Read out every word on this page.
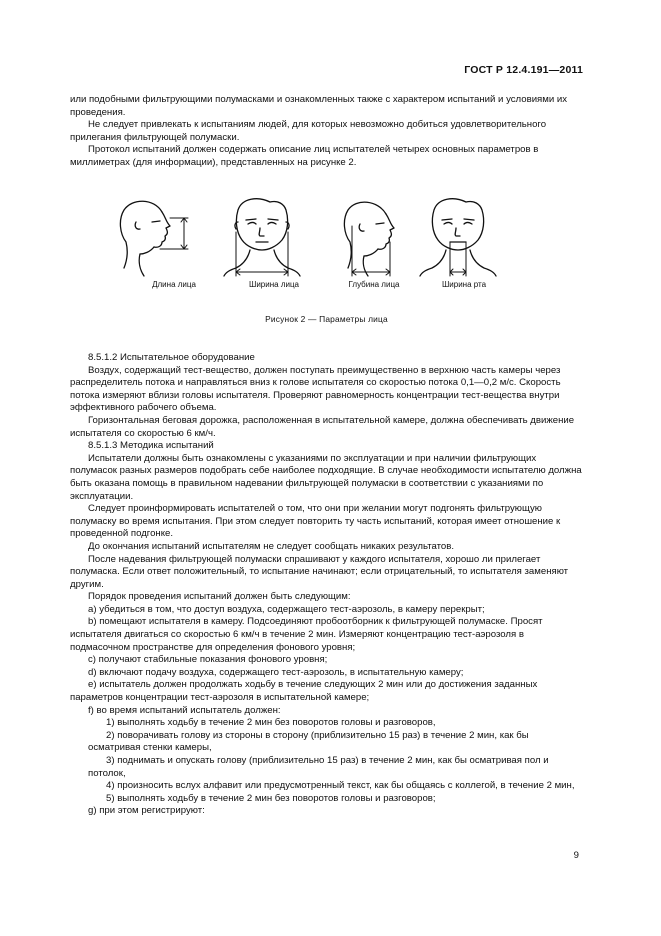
ГОСТ Р 12.4.191—2011

или подобными фильтрующими полумасками и ознакомленных также с характером испытаний и условиями их проведения.

Не следует привлекать к испытаниям людей, для которых невозможно добиться удовлетворительного прилегания фильтрующей полумаски.

Протокол испытаний должен содержать описание лиц испытателей четырех основных параметров в миллиметрах (для информации), представленных на рисунке 2.

Длина лица	Ширина лица	Глубина лица	Ширина рта
Рисунок 2 — Параметры лица

8.5.1.2 Испытательное оборудование

Воздух, содержащий тест-вещество, должен поступать преимущественно в верхнюю часть камеры через распределитель потока и направляться вниз к голове испытателя со скоростью потока 0,1—0,2 м/с. Скорость потока измеряют вблизи головы испытателя. Проверяют равномерность концентрации тест-вещества внутри эффективного рабочего объема.

Горизонтальная беговая дорожка, расположенная в испытательной камере, должна обеспечивать движение испытателя со скоростью 6 км/ч.

8.5.1.3 Методика испытаний

Испытатели должны быть ознакомлены с указаниями по эксплуатации и при наличии фильтрующих полумасок разных размеров подобрать себе наиболее подходящие. В случае необходимости испытателю должна быть оказана помощь в правильном надевании фильтрующей полумаски в соответствии с указаниями по эксплуатации.

Следует проинформировать испытателей о том, что они при желании могут подгонять фильтрующую полумаску во время испытания. При этом следует повторить ту часть испытаний, которая имеет отношение к проведенной подгонке.

До окончания испытаний испытателям не следует сообщать никаких результатов.

После надевания фильтрующей полумаски спрашивают у каждого испытателя, хорошо ли прилегает полумаска. Если ответ положительный, то испытание начинают; если отрицательный, то испытателя заменяют другим.

Порядок проведения испытаний должен быть следующим:

a) убедиться в том, что доступ воздуха, содержащего тест-аэрозоль, в камеру перекрыт;

b) помещают испытателя в камеру. Подсоединяют пробоотборник к фильтрующей полумаске. Просят испытателя двигаться со скоростью 6 км/ч в течение 2 мин. Измеряют концентрацию тест-аэрозоля в подмасочном пространстве для определения фонового уровня;

c) получают стабильные показания фонового уровня;

d) включают подачу воздуха, содержащего тест-аэрозоль, в испытательную камеру;

e) испытатель должен продолжать ходьбу в течение следующих 2 мин или до достижения заданных параметров концентрации тест-аэрозоля в испытательной камере;

f) во время испытаний испытатель должен:

1) выполнять ходьбу в течение 2 мин без поворотов головы и разговоров,

2) поворачивать голову из стороны в сторону (приблизительно 15 раз) в течение 2 мин, как бы осматривая стенки камеры,

3) поднимать и опускать голову (приблизительно 15 раз) в течение 2 мин, как бы осматривая пол и потолок,

4) произносить вслух алфавит или предусмотренный текст, как бы общаясь с коллегой, в течение 2 мин,

5) выполнять ходьбу в течение 2 мин без поворотов головы и разговоров;

g) при этом регистрируют:

9
